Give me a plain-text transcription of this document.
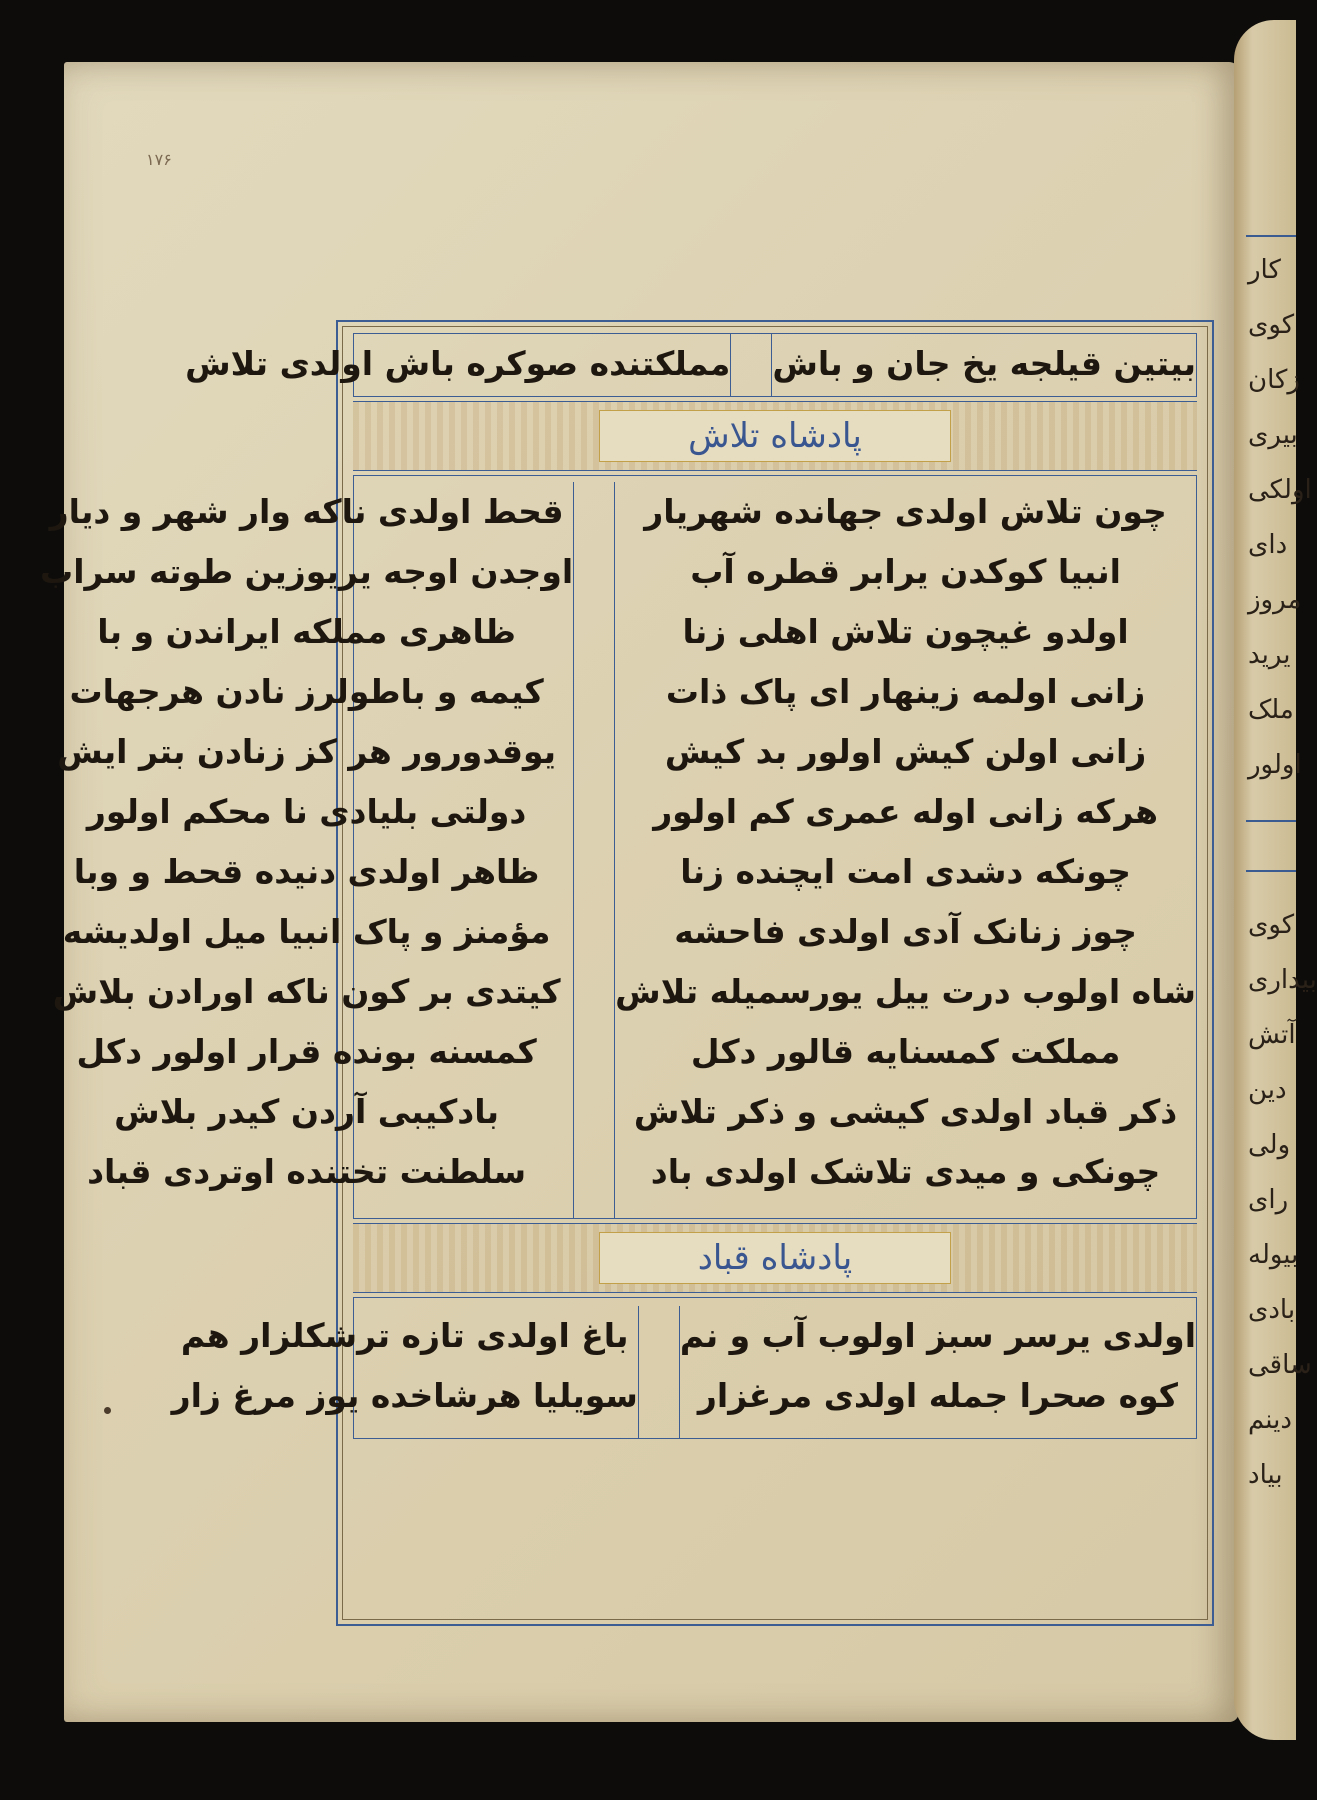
١٧۶
بیتین قیلجه یخ جان و باش
مملکتنده صوکره باش اولدی تلاش
پادشاه تلاش
چون تلاش اولدی جهانده شهریار
انبیا کوکدن یرابر قطره آب
اولدو غیچون تلاش اهلی زنا
زانی اولمه زینهار ای پاک ذات
زانی اولن کیش اولور بد کیش
هرکه زانی اوله عمری کم اولور
چونکه دشدی امت ایچنده زنا
چوز زنانک آدی اولدی فاحشه
شاه اولوب درت ییل یورسمیله تلاش
مملکت کمسنایه قالور دکل
ذکر قباد اولدی کیشی و ذکر تلاش
چونکی و میدی تلاشک اولدی باد
قحط اولدی ناکه وار شهر و دیار
اوجدن اوجه یریوزین طوته سراب
ظاهری مملکه ایراندن و با
کیمه و باطولرز نادن هرجهات
یوقدورور هر کز زنادن بتر ایش
دولتی بلیادی نا محکم اولور
ظاهر اولدی دنیده قحط و وبا
مؤمنز و پاک انبیا میل اولدیشه
کیتدی بر کون ناکه اورادن بلاش
کمسنه بونده قرار اولور دکل
بادکیبی آردن کیدر بلاش
سلطنت تختنده اوتردی قباد
پادشاه قباد
اولدی یرسر سبز اولوب آب و نم
کوه صحرا جمله اولدی مرغزار
باغ اولدی تازه ترشکلزار هم
سویلیا هرشاخده یوز مرغ زار
کار
کوی
زکان
بیری
اولکی
دای
مروز
یرید
ملک
اولور
کوی
بیداری
آتش
دین
ولی
رای
بیوله
بادی
ساقی
دینم
بیاد
